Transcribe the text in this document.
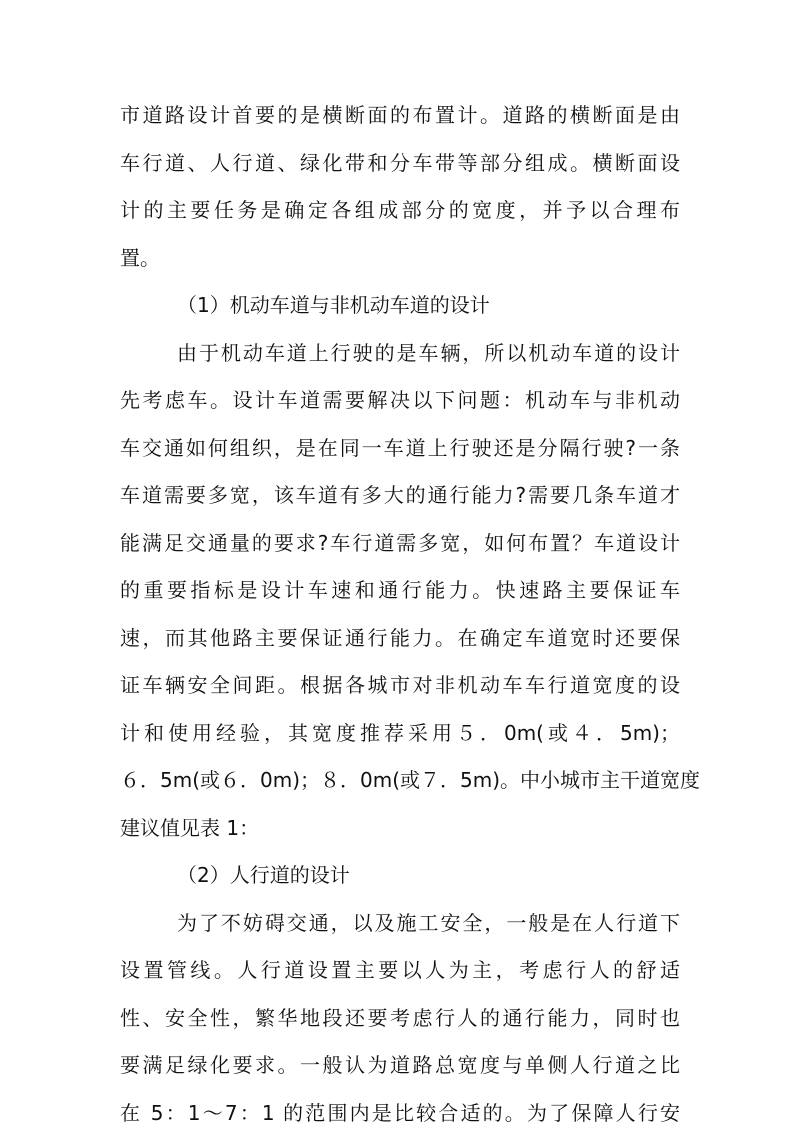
市道路设计首要的是横断面的布置计。道路的横断面是由
车行道、人行道、绿化带和分车带等部分组成。横断面设
计的主要任务是确定各组成部分的宽度，并予以合理布
置。
（1）机动车道与非机动车道的设计
由于机动车道上行驶的是车辆，所以机动车道的设计
先考虑车。设计车道需要解决以下问题：机动车与非机动
车交通如何组织，是在同一车道上行驶还是分隔行驶?一条
车道需要多宽，该车道有多大的通行能力?需要几条车道才
能满足交通量的要求?车行道需多宽，如何布置？车道设计
的重要指标是设计车速和通行能力。快速路主要保证车
速，而其他路主要保证通行能力。在确定车道宽时还要保
证车辆安全间距。根据各城市对非机动车车行道宽度的设
计和使用经验，其宽度推荐采用５．0m(或４．5m)；
６．5m(或６．0m)；８．0m(或７．5m)。中小城市主干道宽度
建议值见表 1：
（2）人行道的设计
为了不妨碍交通，以及施工安全，一般是在人行道下
设置管线。人行道设置主要以人为主，考虑行人的舒适
性、安全性，繁华地段还要考虑行人的通行能力，同时也
要满足绿化要求。一般认为道路总宽度与单侧人行道之比
在 5：1～7：1 的范围内是比较合适的。为了保障人行安
